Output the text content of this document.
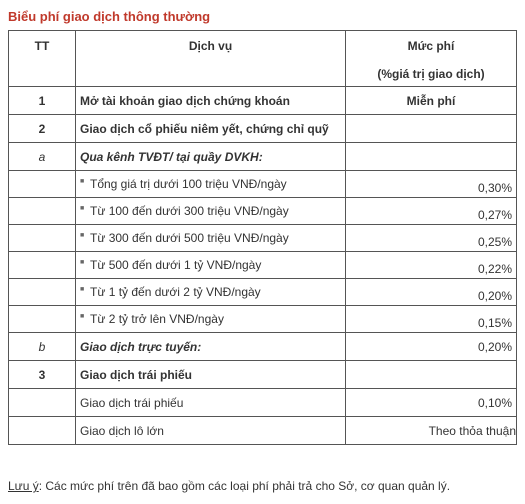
Biểu phí giao dịch thông thường
TT	Dịch vụ	Mức phí
(%giá trị giao dịch)

1	Mở tài khoản giao dịch chứng khoán	Miễn phí
2	Giao dịch cổ phiếu niêm yết, chứng chỉ quỹ	
a	Qua kênh TVĐT/ tại quầy DVKH:	
	■ Tổng giá trị dưới 100 triệu VNĐ/ngày	0,30%
	■ Từ 100 đến dưới 300 triệu VNĐ/ngày	0,27%
	■ Từ 300 đến dưới 500 triệu VNĐ/ngày	0,25%
	■ Từ 500 đến dưới 1 tỷ VNĐ/ngày	0,22%
	■ Từ 1 tỷ đến dưới 2 tỷ VNĐ/ngày	0,20%
	■ Từ 2 tỷ trở lên VNĐ/ngày	0,15%
b	Giao dịch trực tuyến:	0,20%
3	Giao dịch trái phiếu	
	Giao dịch trái phiếu	0,10%
	Giao dịch lô lớn	Theo thỏa thuận
Lưu ý: Các mức phí trên đã bao gồm các loại phí phải trả cho Sở, cơ quan quản lý.
